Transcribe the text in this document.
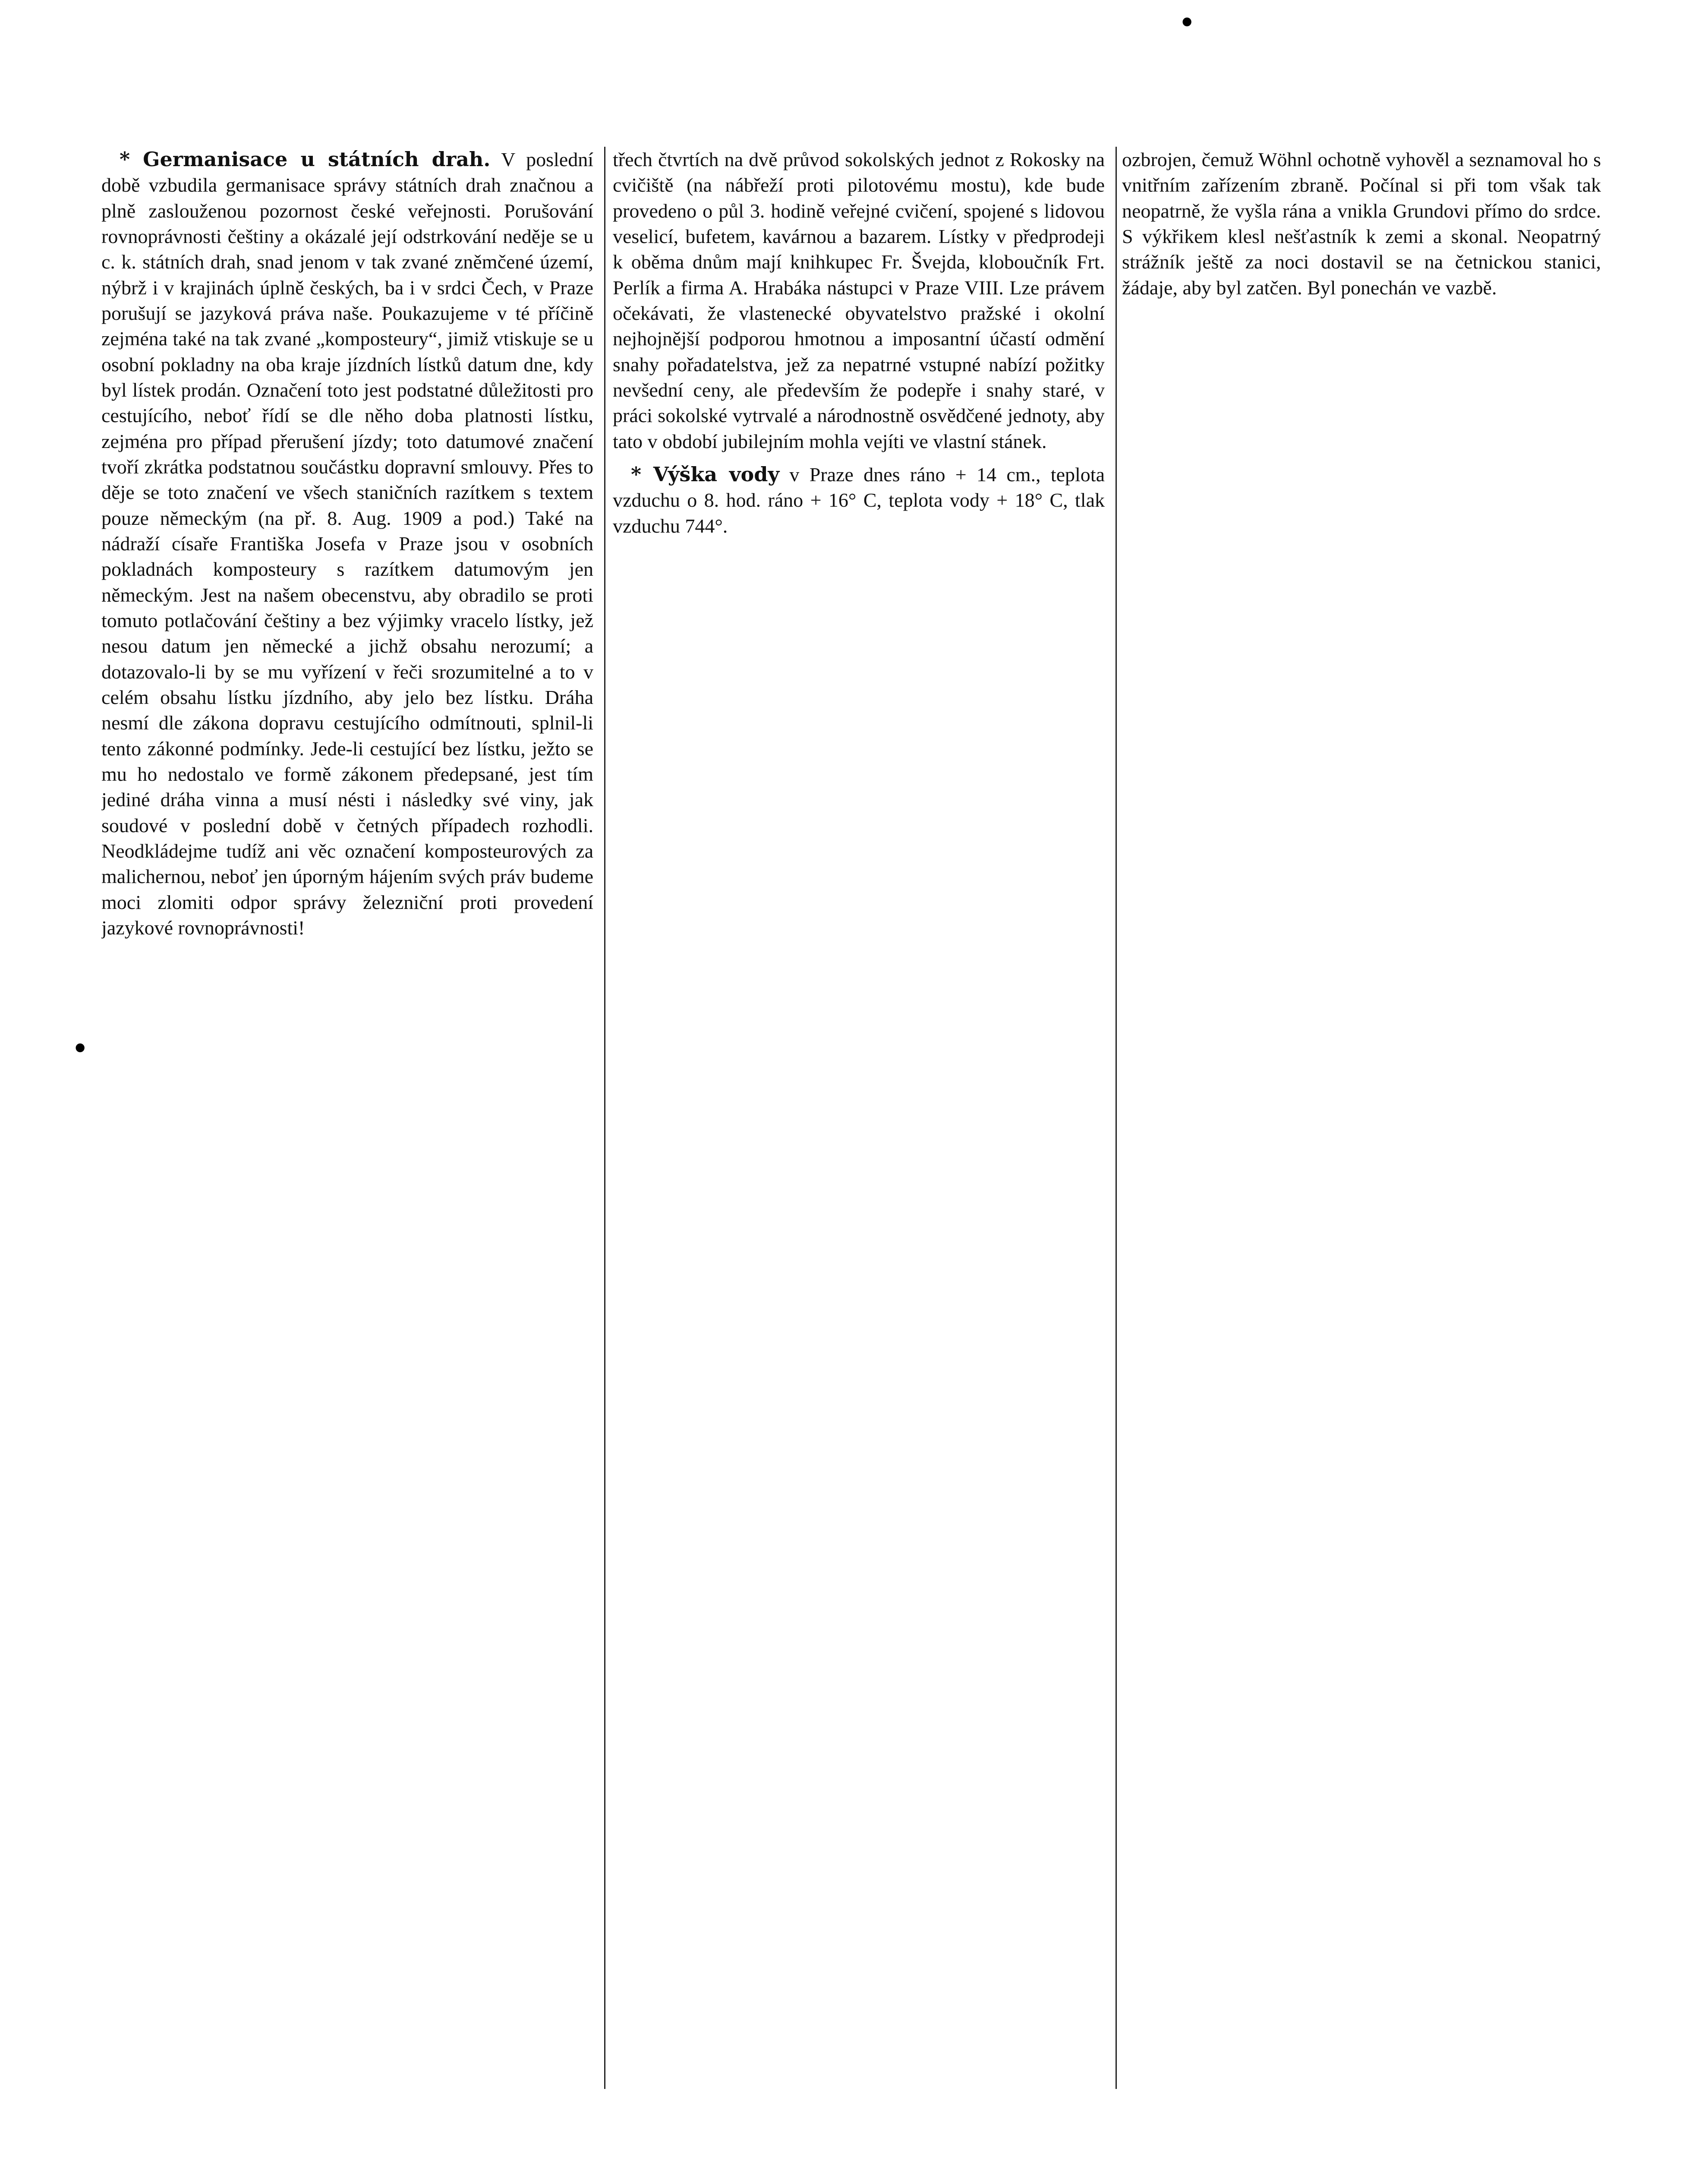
•
•

* Germanisace u státních drah. V poslední době vzbudila germanisace správy státních drah značnou a plně zaslouženou pozornost české veřejnosti. Porušování rovnoprávnosti češtiny a okázalé její odstrkování neděje se u c. k. státních drah, snad jenom v tak zvané zněmčené území, nýbrž i v krajinách úplně českých, ba i v srdci Čech, v Praze porušují se jazyková práva naše. Poukazujeme v té příčině zejména také na tak zvané „komposteury“, jimiž vtiskuje se u osobní pokladny na oba kraje jízdních lístků datum dne, kdy byl lístek prodán. Označení toto jest podstatné důležitosti pro cestujícího, neboť řídí se dle něho doba platnosti lístku, zejména pro případ přerušení jízdy; toto datumové značení tvoří zkrátka podstatnou součástku dopravní smlouvy. Přes to děje se toto značení ve všech staničních razítkem s textem pouze německým (na př. 8. Aug. 1909 a pod.) Také na nádraží císaře Františka Josefa v Praze jsou v osobních pokladnách komposteury s razítkem datumovým jen německým. Jest na našem obecenstvu, aby obradilo se proti tomuto potlačování češtiny a bez výjimky vracelo lístky, jež nesou datum jen německé a jichž obsahu nerozumí; a dotazovalo-li by se mu vyřízení v řeči srozumitelné a to v celém obsahu lístku jízdního, aby jelo bez lístku. Dráha nesmí dle zákona dopravu cestujícího odmítnouti, splnil-li tento zákonné podmínky. Jede-li cestující bez lístku, ježto se mu ho nedostalo ve formě zákonem předepsané, jest tím jediné dráha vinna a musí nésti i následky své viny, jak soudové v poslední době v četných případech rozhodli. Neodkládejme tudíž ani věc označení komposteurových za malichernou, neboť jen úporným hájením svých práv budeme moci zlomiti odpor správy železniční proti provedení jazykové rovnoprávnosti!

třech čtvrtích na dvě průvod sokolských jednot z Rokosky na cvičiště (na nábřeží proti pilotovému mostu), kde bude provedeno o půl 3. hodině veřejné cvičení, spojené s lidovou veselicí, bufetem, kavárnou a bazarem. Lístky v předprodeji k oběma dnům mají knihkupec Fr. Švejda, kloboučník Frt. Perlík a firma A. Hrabáka nástupci v Praze VIII. Lze právem očekávati, že vlastenecké obyvatelstvo pražské i okolní nejhojnější podporou hmotnou a imposantní účastí odmění snahy pořadatelstva, jež za nepatrné vstupné nabízí požitky nevšední ceny, ale především že podepře i snahy staré, v práci sokolské vytrvalé a národnostně osvědčené jednoty, aby tato v období jubilejním mohla vejíti ve vlastní stánek.

* Výška vody v Praze dnes ráno + 14 cm., teplota vzduchu o 8. hod. ráno + 16° C, teplota vody + 18° C, tlak vzduchu 744°.

ozbrojen, čemuž Wöhnl ochotně vyhověl a seznamoval ho s vnitřním zařízením zbraně. Počínal si při tom však tak neopatrně, že vyšla rána a vnikla Grundovi přímo do srdce. S výkřikem klesl nešťastník k zemi a skonal. Neopatrný strážník ještě za noci dostavil se na četnickou stanici, žádaje, aby byl zatčen. Byl ponechán ve vazbě.
